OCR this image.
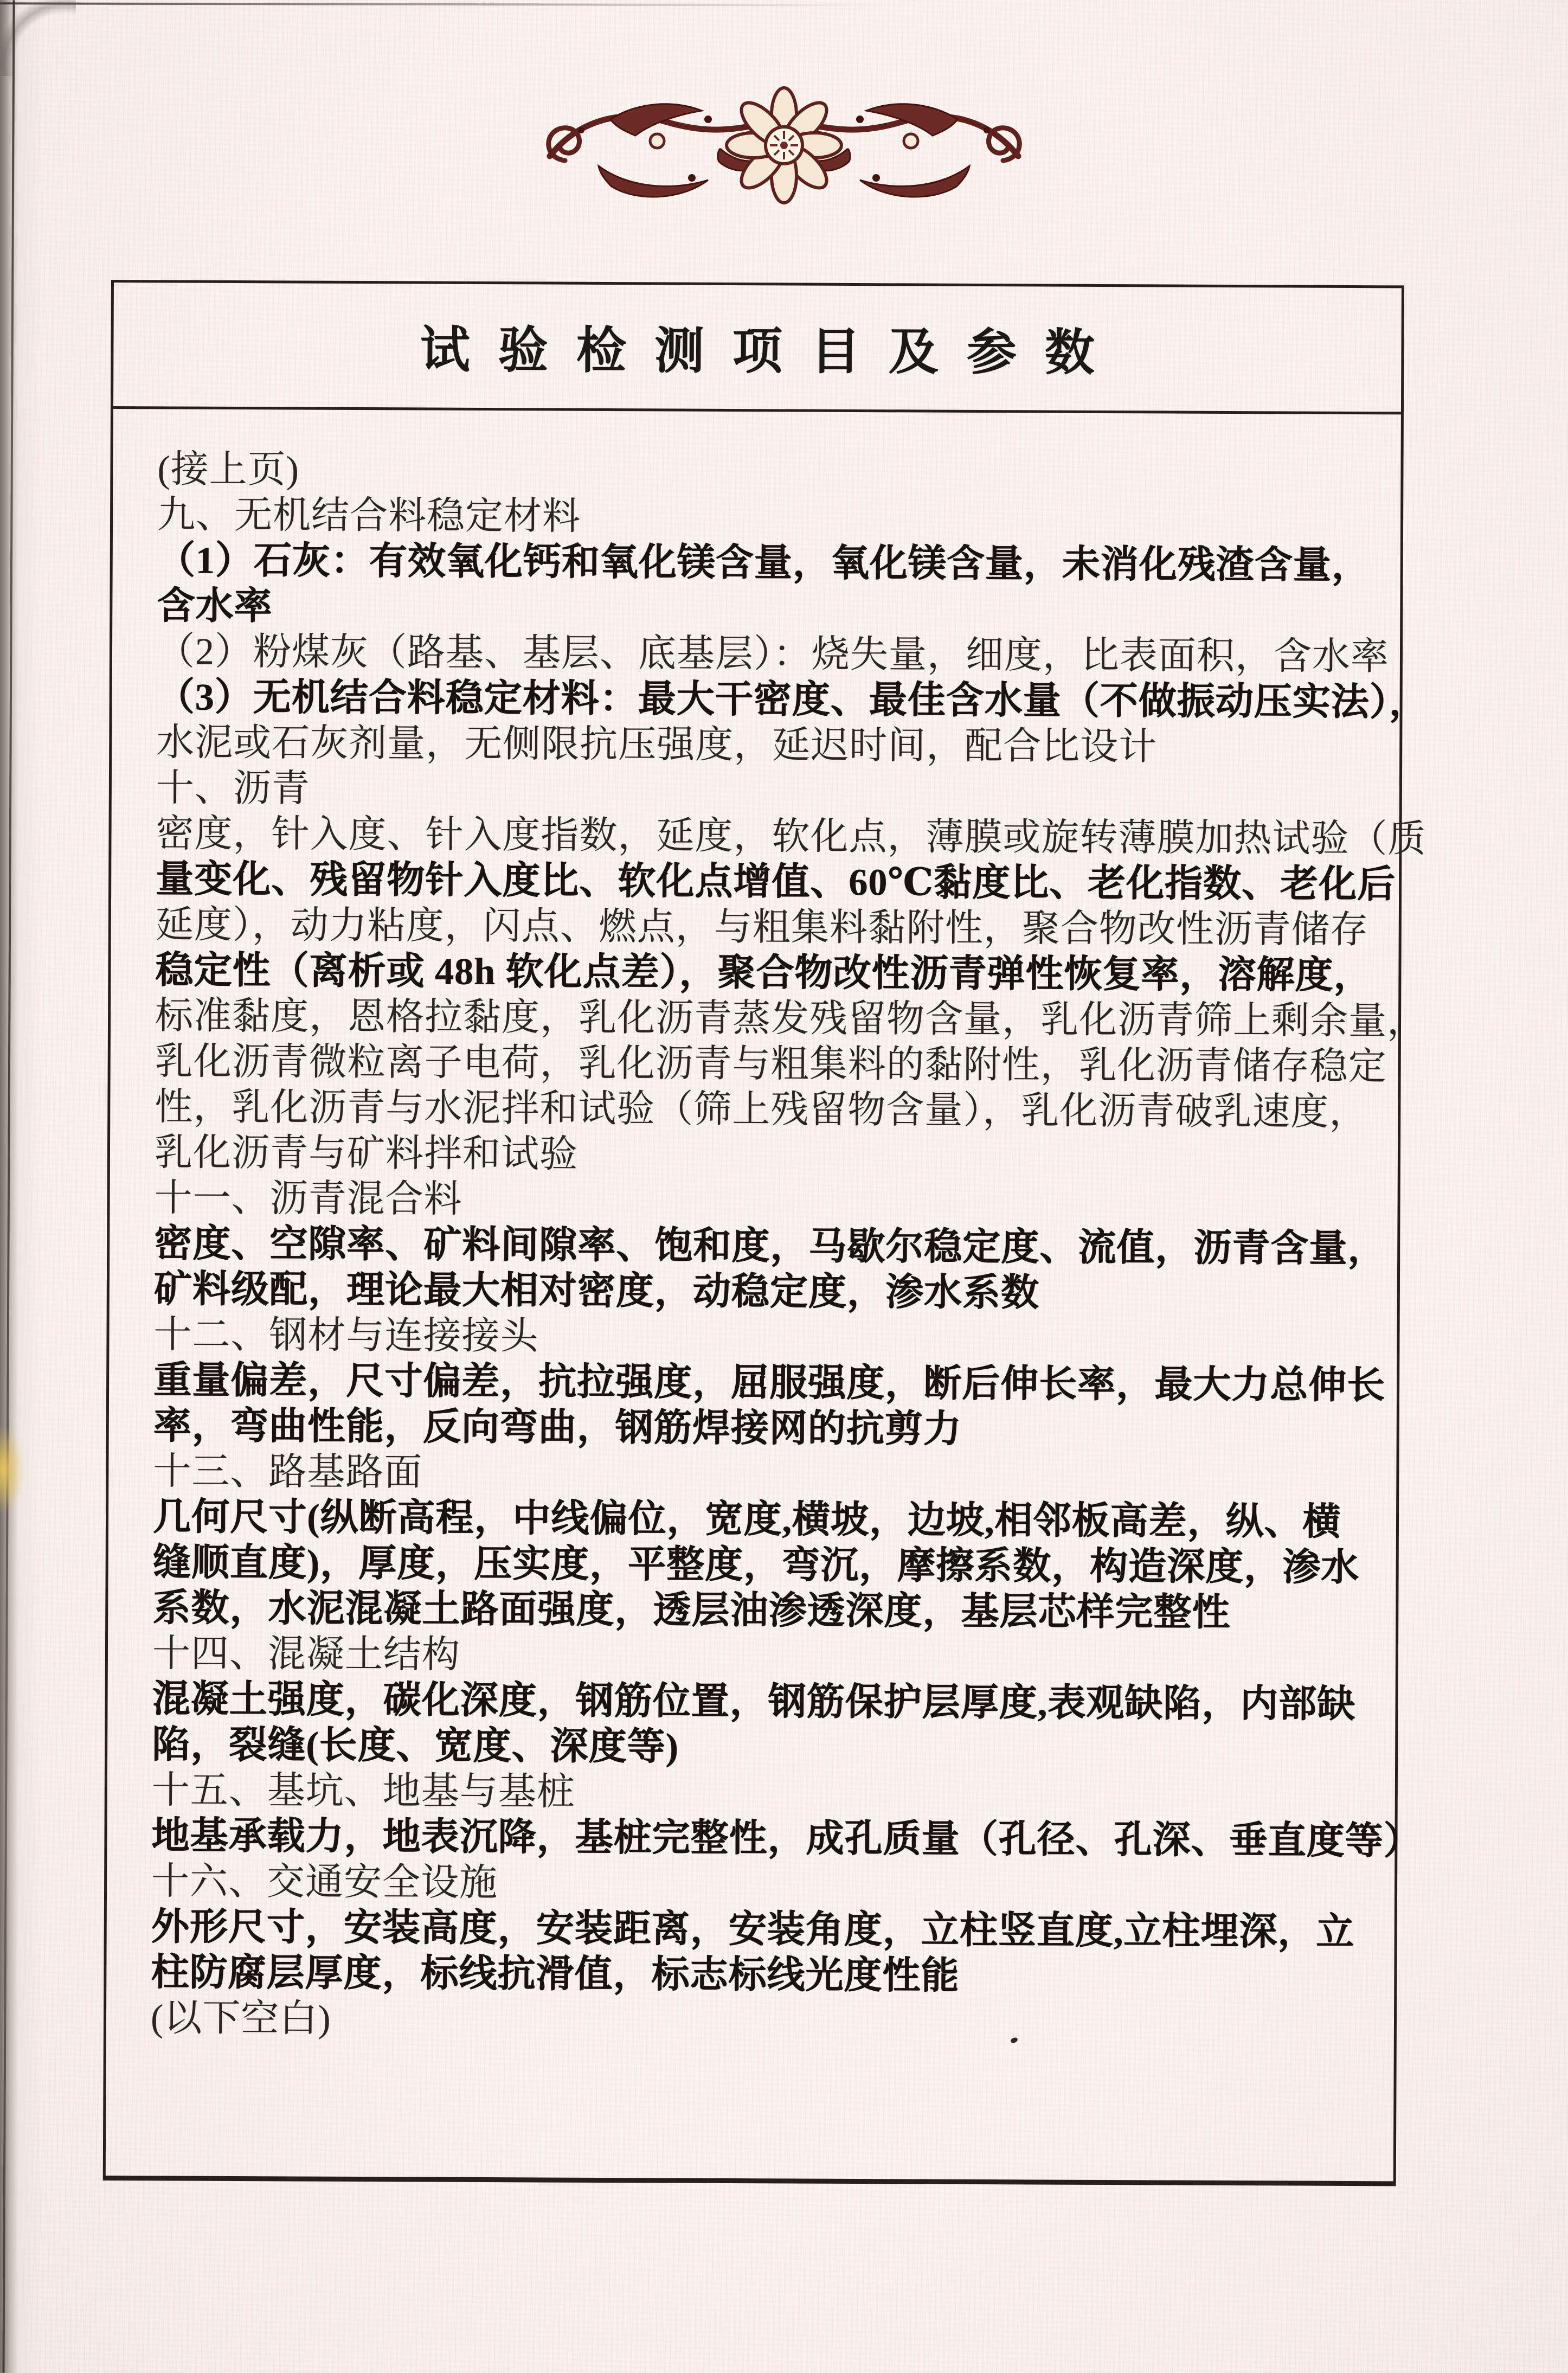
试验检测项目及参数
(接上页)
九、无机结合料稳定材料
（1）石灰：有效氧化钙和氧化镁含量，氧化镁含量，未消化残渣含量，
含水率
（2）粉煤灰（路基、基层、底基层）：烧失量，细度，比表面积，含水率
（3）无机结合料稳定材料：最大干密度、最佳含水量（不做振动压实法），
水泥或石灰剂量，无侧限抗压强度，延迟时间，配合比设计
十、沥青
密度，针入度、针入度指数，延度，软化点，薄膜或旋转薄膜加热试验（质
量变化、残留物针入度比、软化点增值、60℃黏度比、老化指数、老化后
延度），动力粘度，闪点、燃点，与粗集料黏附性，聚合物改性沥青储存
稳定性（离析或 48h 软化点差），聚合物改性沥青弹性恢复率，溶解度，
标准黏度，恩格拉黏度，乳化沥青蒸发残留物含量，乳化沥青筛上剩余量，
乳化沥青微粒离子电荷，乳化沥青与粗集料的黏附性，乳化沥青储存稳定
性，乳化沥青与水泥拌和试验（筛上残留物含量），乳化沥青破乳速度，
乳化沥青与矿料拌和试验
十一、沥青混合料
密度、空隙率、矿料间隙率、饱和度，马歇尔稳定度、流值，沥青含量，
矿料级配，理论最大相对密度，动稳定度，渗水系数
十二、钢材与连接接头
重量偏差，尺寸偏差，抗拉强度，屈服强度，断后伸长率，最大力总伸长
率，弯曲性能，反向弯曲，钢筋焊接网的抗剪力
十三、路基路面
几何尺寸(纵断高程，中线偏位，宽度,横坡，边坡,相邻板高差，纵、横
缝顺直度)，厚度，压实度，平整度，弯沉，摩擦系数，构造深度，渗水
系数，水泥混凝土路面强度，透层油渗透深度，基层芯样完整性
十四、混凝土结构
混凝土强度，碳化深度，钢筋位置，钢筋保护层厚度,表观缺陷，内部缺
陷，裂缝(长度、宽度、深度等)
十五、基坑、地基与基桩
地基承载力，地表沉降，基桩完整性，成孔质量（孔径、孔深、垂直度等）
十六、交通安全设施
外形尺寸，安装高度，安装距离，安装角度，立柱竖直度,立柱埋深，立
柱防腐层厚度，标线抗滑值，标志标线光度性能
(以下空白)
